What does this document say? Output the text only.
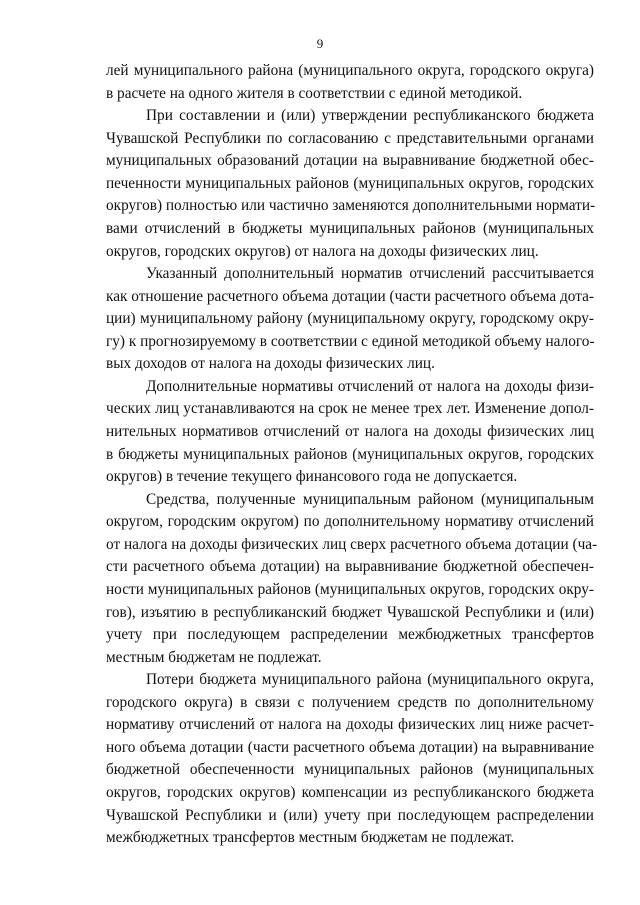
9
лей муниципального района (муниципального округа, городского округа)
в расчете на одного жителя в соответствии с единой методикой.
При составлении и (или) утверждении республиканского бюджета
Чувашской Республики по согласованию с представительными органами
муниципальных образований дотации на выравнивание бюджетной обес-
печенности муниципальных районов (муниципальных округов, городских
округов) полностью или частично заменяются дополнительными нормати-
вами отчислений в бюджеты муниципальных районов (муниципальных
округов, городских округов) от налога на доходы физических лиц.
Указанный дополнительный норматив отчислений рассчитывается
как отношение расчетного объема дотации (части расчетного объема дота-
ции) муниципальному району (муниципальному округу, городскому окру-
гу) к прогнозируемому в соответствии с единой методикой объему налого-
вых доходов от налога на доходы физических лиц.
Дополнительные нормативы отчислений от налога на доходы физи-
ческих лиц устанавливаются на срок не менее трех лет. Изменение допол-
нительных нормативов отчислений от налога на доходы физических лиц
в бюджеты муниципальных районов (муниципальных округов, городских
округов) в течение текущего финансового года не допускается.
Средства, полученные муниципальным районом (муниципальным
округом, городским округом) по дополнительному нормативу отчислений
от налога на доходы физических лиц сверх расчетного объема дотации (ча-
сти расчетного объема дотации) на выравнивание бюджетной обеспечен-
ности муниципальных районов (муниципальных округов, городских окру-
гов), изъятию в республиканский бюджет Чувашской Республики и (или)
учету при последующем распределении межбюджетных трансфертов
местным бюджетам не подлежат.
Потери бюджета муниципального района (муниципального округа,
городского округа) в связи с получением средств по дополнительному
нормативу отчислений от налога на доходы физических лиц ниже расчет-
ного объема дотации (части расчетного объема дотации) на выравнивание
бюджетной обеспеченности муниципальных районов (муниципальных
округов, городских округов) компенсации из республиканского бюджета
Чувашской Республики и (или) учету при последующем распределении
межбюджетных трансфертов местным бюджетам не подлежат.
